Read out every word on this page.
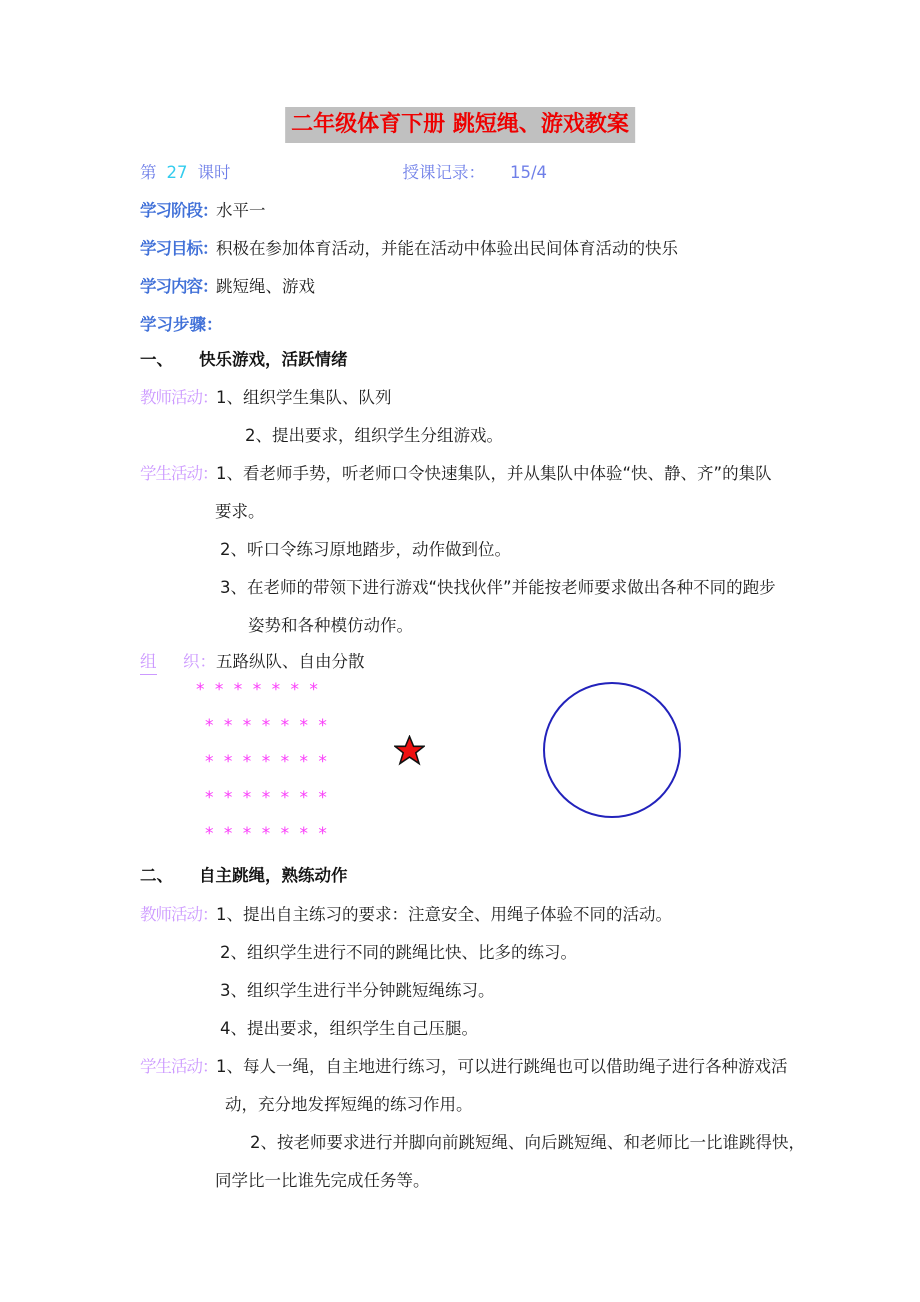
二年级体育下册 跳短绳、游戏教案
第 27 课时	授课记录： 15/4
学习阶段：水平一
学习目标：积极在参加体育活动，并能在活动中体验出民间体育活动的快乐
学习内容：跳短绳、游戏
学习步骤：
一、 快乐游戏，活跃情绪
教师活动：1、组织学生集队、队列
2、提出要求，组织学生分组游戏。
学生活动：1、看老师手势，听老师口令快速集队，并从集队中体验“快、静、齐”的集队
要求。
2、听口令练习原地踏步，动作做到位。
3、在老师的带领下进行游戏“快找伙伴”并能按老师要求做出各种不同的跑步
姿势和各种模仿动作。
组 织： 五路纵队、自由分散
* * * * * * *
* * * * * * *
* * * * * * *
* * * * * * *
* * * * * * *
二、 自主跳绳，熟练动作
教师活动：1、提出自主练习的要求：注意安全、用绳子体验不同的活动。
2、组织学生进行不同的跳绳比快、比多的练习。
3、组织学生进行半分钟跳短绳练习。
4、提出要求，组织学生自己压腿。
学生活动：1、每人一绳，自主地进行练习，可以进行跳绳也可以借助绳子进行各种游戏活
动，充分地发挥短绳的练习作用。
2、按老师要求进行并脚向前跳短绳、向后跳短绳、和老师比一比谁跳得快，
同学比一比谁先完成任务等。
